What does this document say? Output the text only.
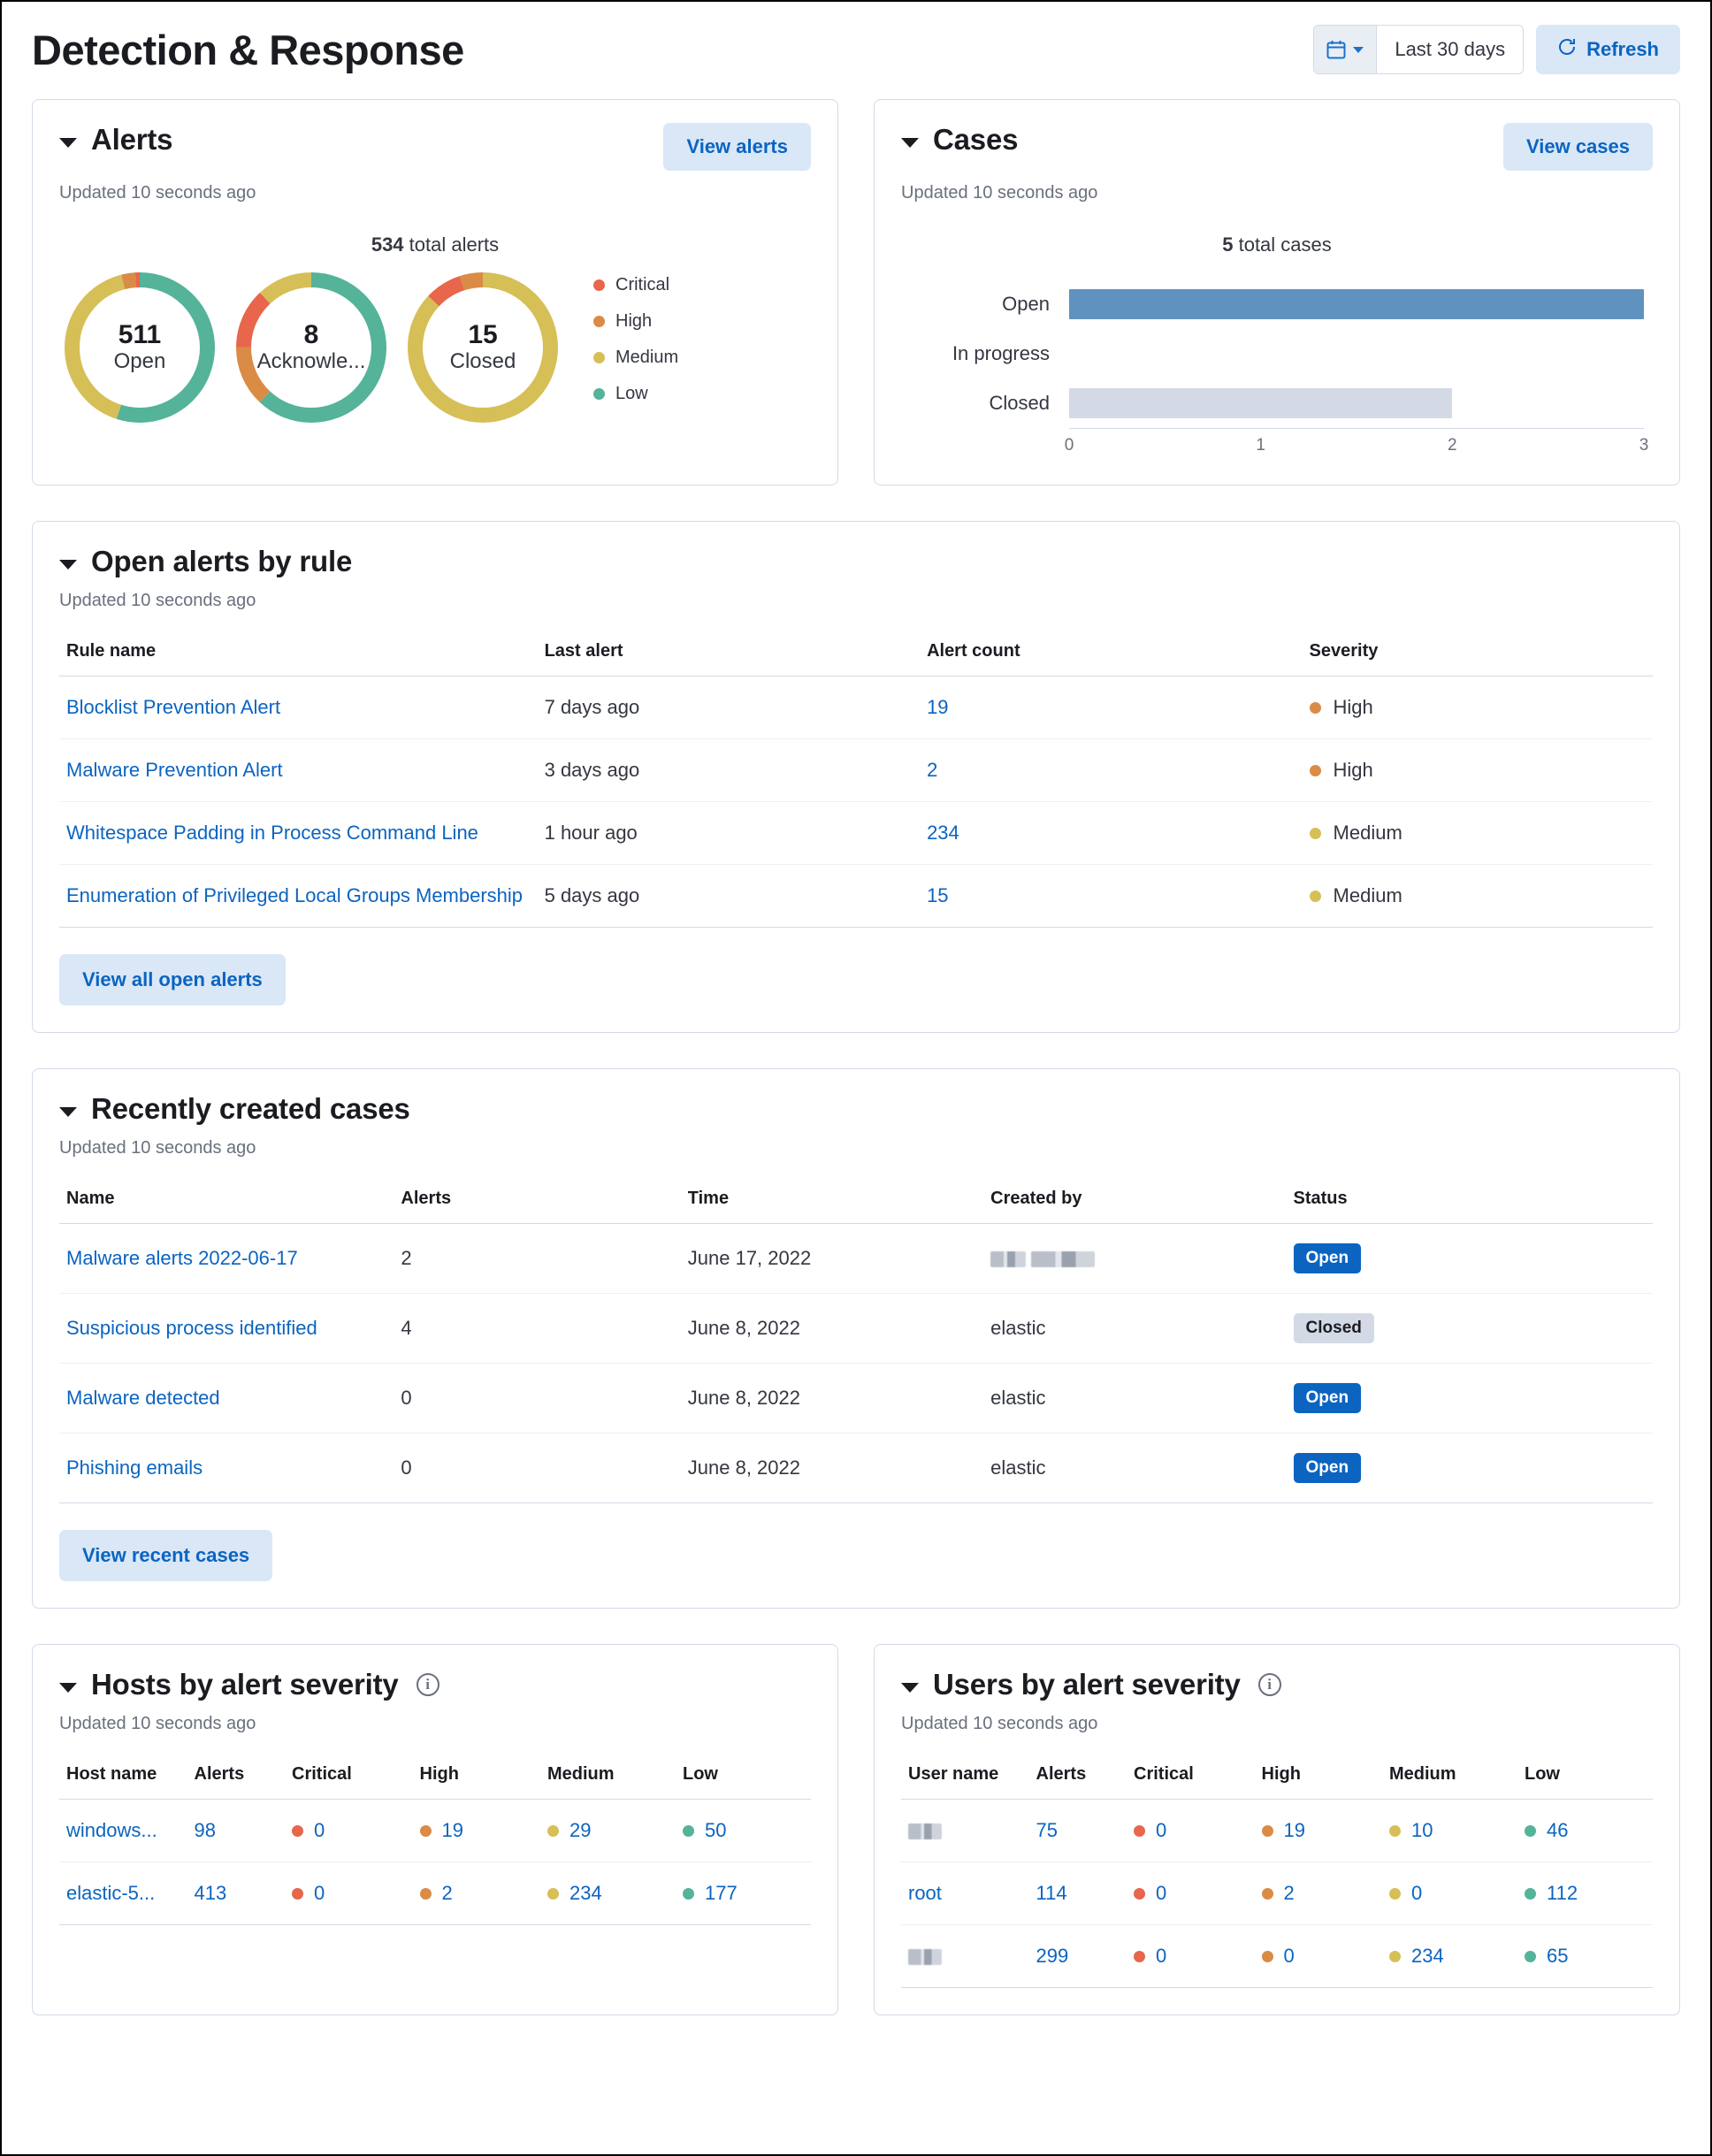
Detection & Response	Last 30 days	Refresh
Alerts	View alerts
Updated 10 seconds ago
534 total alerts
511
Open
8
Acknowle...
15
Closed
Critical
High
Medium
Low
Cases	View cases
Updated 10 seconds ago
5 total cases
Open
In progress
Closed
0	1	2	3
Open alerts by rule
Updated 10 seconds ago
Rule name	Last alert	Alert count	Severity
Blocklist Prevention Alert	7 days ago	19	High

Malware Prevention Alert	3 days ago	2	High

Whitespace Padding in Process Command Line	1 hour ago	234	Medium

Enumeration of Privileged Local Groups Membership	5 days ago	15	Medium
View all open alerts
Recently created cases
Updated 10 seconds ago
Name	Alerts	Time	Created by	Status
Malware alerts 2022-06-17	2	June 17, 2022		Open
Suspicious process identified	4	June 8, 2022	elastic	Closed
Malware detected	0	June 8, 2022	elastic	Open
Phishing emails	0	June 8, 2022	elastic	Open
View recent cases
Hosts by alert severity	i
Updated 10 seconds ago
Host name	Alerts	Critical	High	Medium	Low
windows...	98	0	19	29	50

elastic-5...	413	0	2	234	177
Users by alert severity	i
Updated 10 seconds ago
User name	Alerts	Critical	High	Medium	Low
	75	0	19	10	46

root	114	0	2	0	112

	299	0	0	234	65
